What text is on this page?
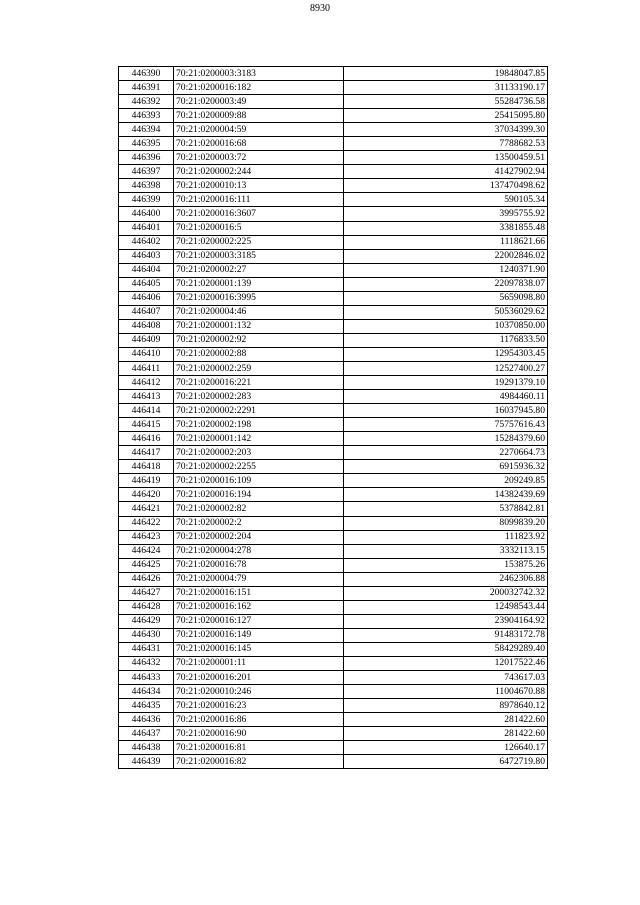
8930
446390	70:21:0200003:3183	19848047.85
446391	70:21:0200016:182	31133190.17
446392	70:21:0200003:49	55284736.58
446393	70:21:0200009:88	25415095.80
446394	70:21:0200004:59	37034399.30
446395	70:21:0200016:68	7788682.53
446396	70:21:0200003:72	13500459.51
446397	70:21:0200002:244	41427902.94
446398	70:21:0200010:13	137470498.62
446399	70:21:0200016:111	590105.34
446400	70:21:0200016:3607	3995755.92
446401	70:21:0200016:5	3381855.48
446402	70:21:0200002:225	1118621.66
446403	70:21:0200003:3185	22002846.02
446404	70:21:0200002:27	1240371.90
446405	70:21:0200001:139	22097838.07
446406	70:21:0200016:3995	5659098.80
446407	70:21:0200004:46	50536029.62
446408	70:21:0200001:132	10370850.00
446409	70:21:0200002:92	1176833.50
446410	70:21:0200002:88	12954303.45
446411	70:21:0200002:259	12527400.27
446412	70:21:0200016:221	19291379.10
446413	70:21:0200002:283	4984460.11
446414	70:21:0200002:2291	16037945.80
446415	70:21:0200002:198	75757616.43
446416	70:21:0200001:142	15284379.60
446417	70:21:0200002:203	2270664.73
446418	70:21:0200002:2255	6915936.32
446419	70:21:0200016:109	209249.85
446420	70:21:0200016:194	14382439.69
446421	70:21:0200002:82	5378842.81
446422	70:21:0200002:2	8099839.20
446423	70:21:0200002:204	111823.92
446424	70:21:0200004:278	3332113.15
446425	70:21:0200016:78	153875.26
446426	70:21:0200004:79	2462306.88
446427	70:21:0200016:151	200032742.32
446428	70:21:0200016:162	12498543.44
446429	70:21:0200016:127	23904164.92
446430	70:21:0200016:149	91483172.78
446431	70:21:0200016:145	58429289.40
446432	70:21:0200001:11	12017522.46
446433	70:21:0200016:201	743617.03
446434	70:21:0200010:246	11004670.88
446435	70:21:0200016:23	8978640.12
446436	70:21:0200016:86	281422.60
446437	70:21:0200016:90	281422.60
446438	70:21:0200016:81	126640.17
446439	70:21:0200016:82	6472719.80
